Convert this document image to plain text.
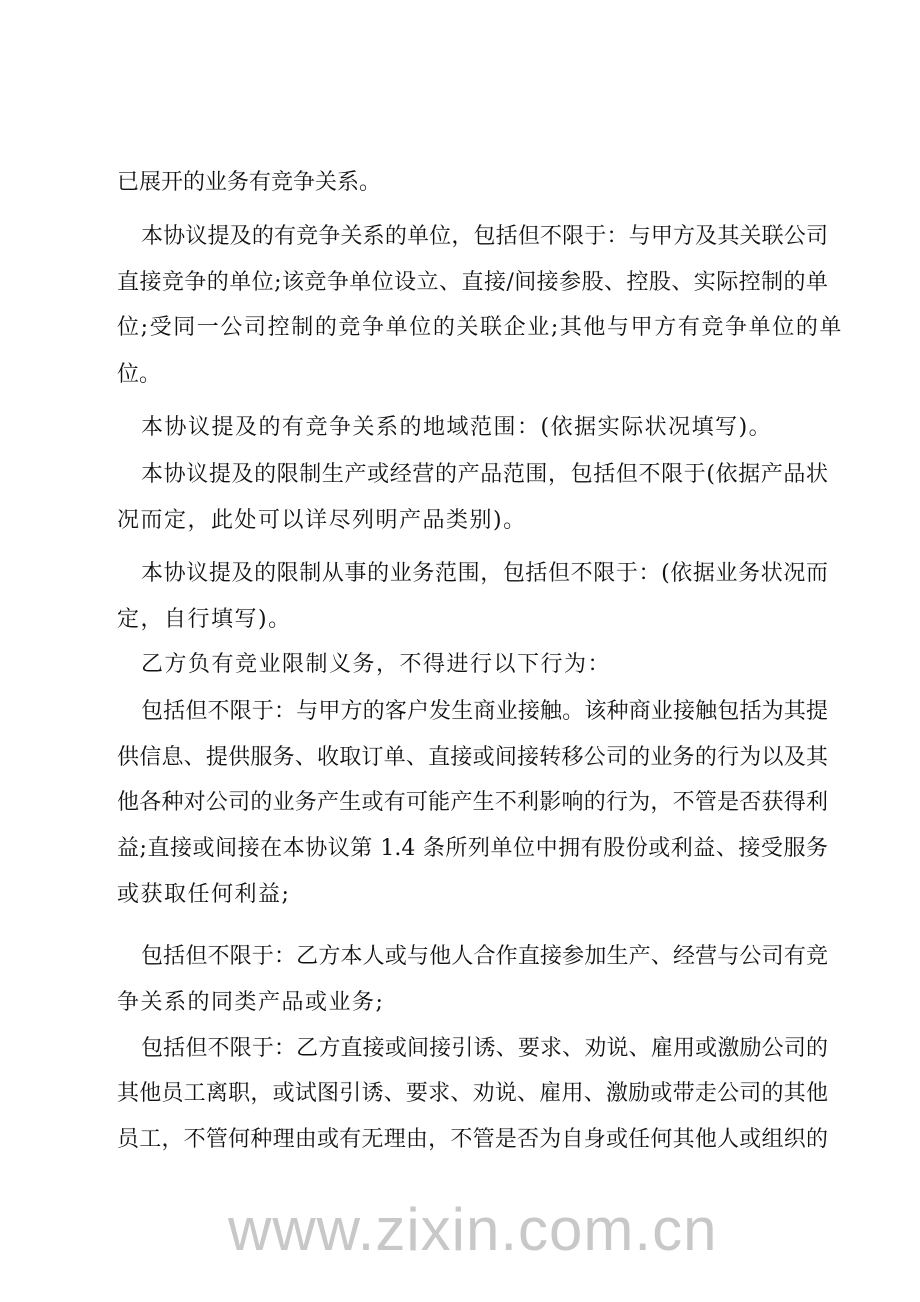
已展开的业务有竞争关系。
本协议提及的有竞争关系的单位，包括但不限于：与甲方及其关联公司
直接竞争的单位;该竞争单位设立、直接/间接参股、控股、实际控制的单
位;受同一公司控制的竞争单位的关联企业;其他与甲方有竞争单位的单
位。
本协议提及的有竞争关系的地域范围：(依据实际状况填写)。
本协议提及的限制生产或经营的产品范围，包括但不限于(依据产品状
况而定，此处可以详尽列明产品类别)。
本协议提及的限制从事的业务范围，包括但不限于：(依据业务状况而
定，自行填写)。
乙方负有竞业限制义务，不得进行以下行为：
包括但不限于：与甲方的客户发生商业接触。该种商业接触包括为其提
供信息、提供服务、收取订单、直接或间接转移公司的业务的行为以及其
他各种对公司的业务产生或有可能产生不利影响的行为，不管是否获得利
益;直接或间接在本协议第 1.4 条所列单位中拥有股份或利益、接受服务
或获取任何利益;
包括但不限于：乙方本人或与他人合作直接参加生产、经营与公司有竞
争关系的同类产品或业务;
包括但不限于：乙方直接或间接引诱、要求、劝说、雇用或激励公司的
其他员工离职，或试图引诱、要求、劝说、雇用、激励或带走公司的其他
员工，不管何种理由或有无理由，不管是否为自身或任何其他人或组织的
www.zixin.com.cn
